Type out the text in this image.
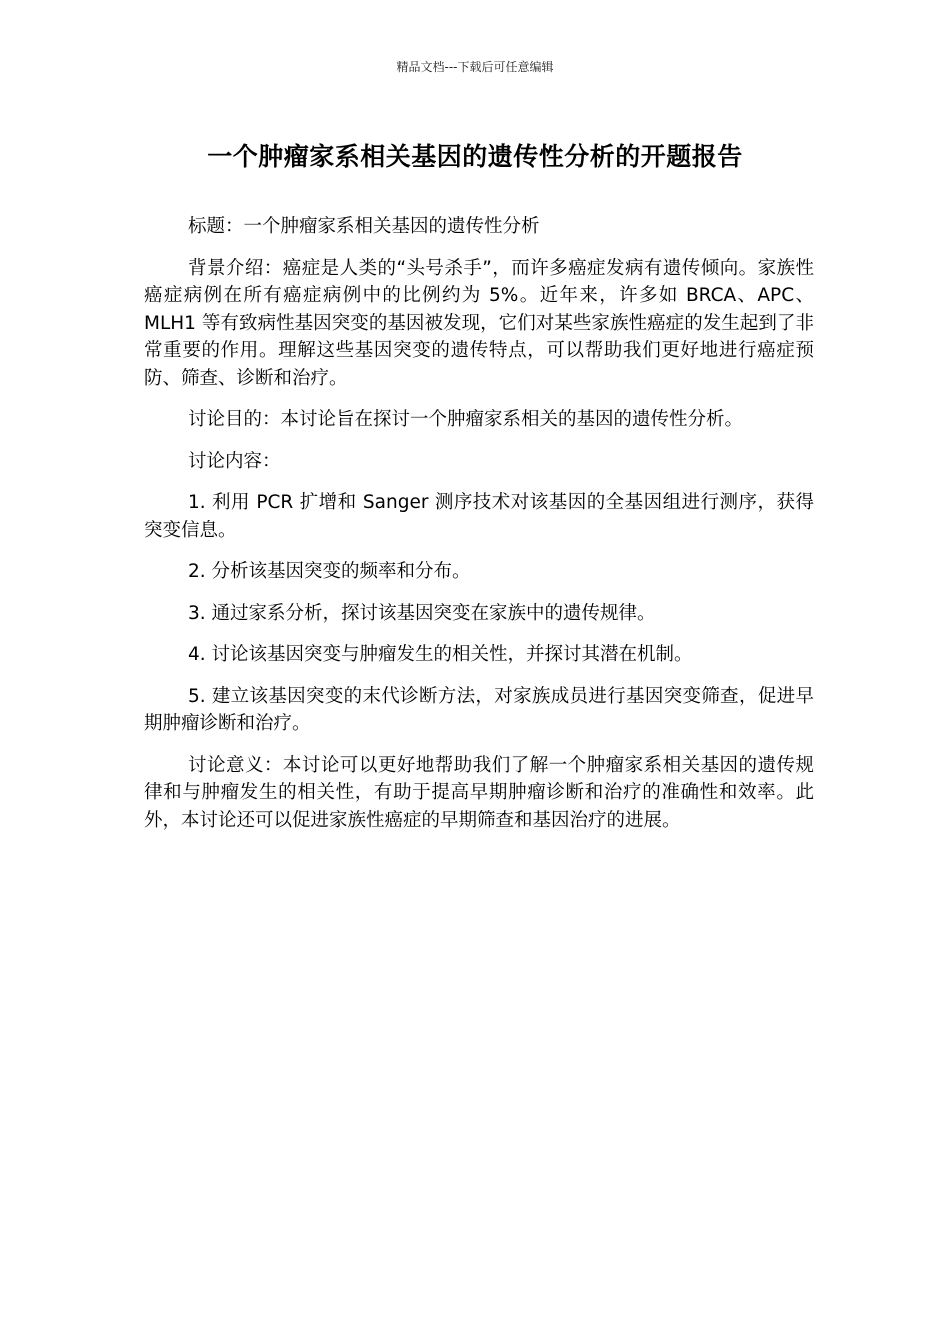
精品文档---下载后可任意编辑
一个肿瘤家系相关基因的遗传性分析的开题报告

标题：一个肿瘤家系相关基因的遗传性分析

背景介绍：癌症是人类的“头号杀手”，而许多癌症发病有遗传倾向。家族性癌症病例在所有癌症病例中的比例约为 5%。近年来，许多如 BRCA、APC、MLH1 等有致病性基因突变的基因被发现，它们对某些家族性癌症的发生起到了非常重要的作用。理解这些基因突变的遗传特点，可以帮助我们更好地进行癌症预防、筛查、诊断和治疗。

讨论目的：本讨论旨在探讨一个肿瘤家系相关的基因的遗传性分析。

讨论内容：

1. 利用 PCR 扩增和 Sanger 测序技术对该基因的全基因组进行测序，获得突变信息。

2. 分析该基因突变的频率和分布。

3. 通过家系分析，探讨该基因突变在家族中的遗传规律。

4. 讨论该基因突变与肿瘤发生的相关性，并探讨其潜在机制。

5. 建立该基因突变的末代诊断方法，对家族成员进行基因突变筛查，促进早期肿瘤诊断和治疗。

讨论意义：本讨论可以更好地帮助我们了解一个肿瘤家系相关基因的遗传规律和与肿瘤发生的相关性，有助于提高早期肿瘤诊断和治疗的准确性和效率。此外，本讨论还可以促进家族性癌症的早期筛查和基因治疗的进展。
